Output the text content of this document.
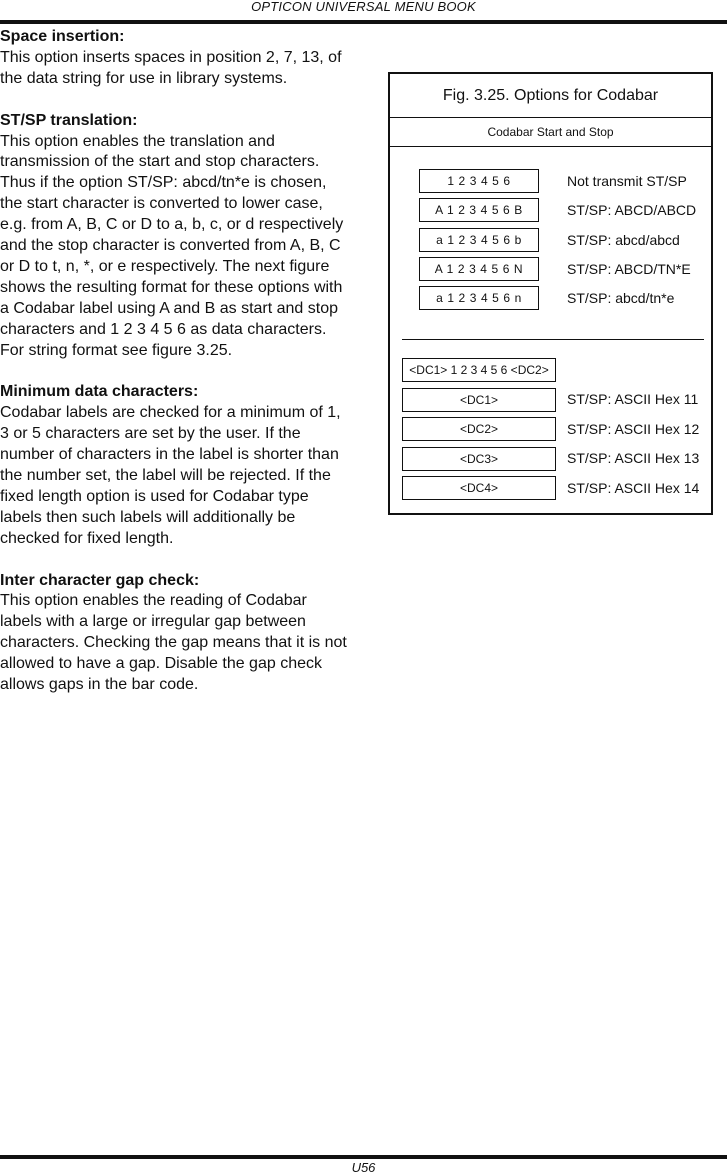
OPTICON UNIVERSAL MENU BOOK
Space insertion:

This option inserts spaces in position 2, 7, 13, of the data string for use in library systems.

ST/SP translation:

This option enables the translation and transmission of the start and stop characters. Thus if the option ST/SP: abcd/tn*e is chosen, the start character is converted to lower case, e.g. from A, B, C or D to a, b, c, or d respectively and the stop character is converted from A, B, C or D to t, n, *, or e respectively. The next figure shows the resulting format for these options with a Codabar label using A and B as start and stop characters and 1 2 3 4 5 6 as data characters. For string format see figure 3.25.

Minimum data characters:

Codabar labels are checked for a minimum of 1, 3 or 5 characters are set by the user. If the number of characters in the label is shorter than the number set, the label will be rejected. If the fixed length option is used for Codabar type labels then such labels will additionally be checked for fixed length.

Inter character gap check:

This option enables the reading of Codabar labels with a large or irregular gap between characters. Checking the gap means that it is not allowed to have a gap. Disable the gap check allows gaps in the bar code.

Fig. 3.25. Options for Codabar
Codabar Start and Stop
1 2 3 4 5 6	Not transmit ST/SP
A 1 2 3 4 5 6 B	ST/SP: ABCD/ABCD
a 1 2 3 4 5 6 b	ST/SP: abcd/abcd
A 1 2 3 4 5 6 N	ST/SP: ABCD/TN*E
a 1 2 3 4 5 6 n	ST/SP: abcd/tn*e
<DC1> 1 2 3 4 5 6 <DC2>
<DC1>	ST/SP: ASCII Hex 11
<DC2>	ST/SP: ASCII Hex 12
<DC3>	ST/SP: ASCII Hex 13
<DC4>	ST/SP: ASCII Hex 14
U56
